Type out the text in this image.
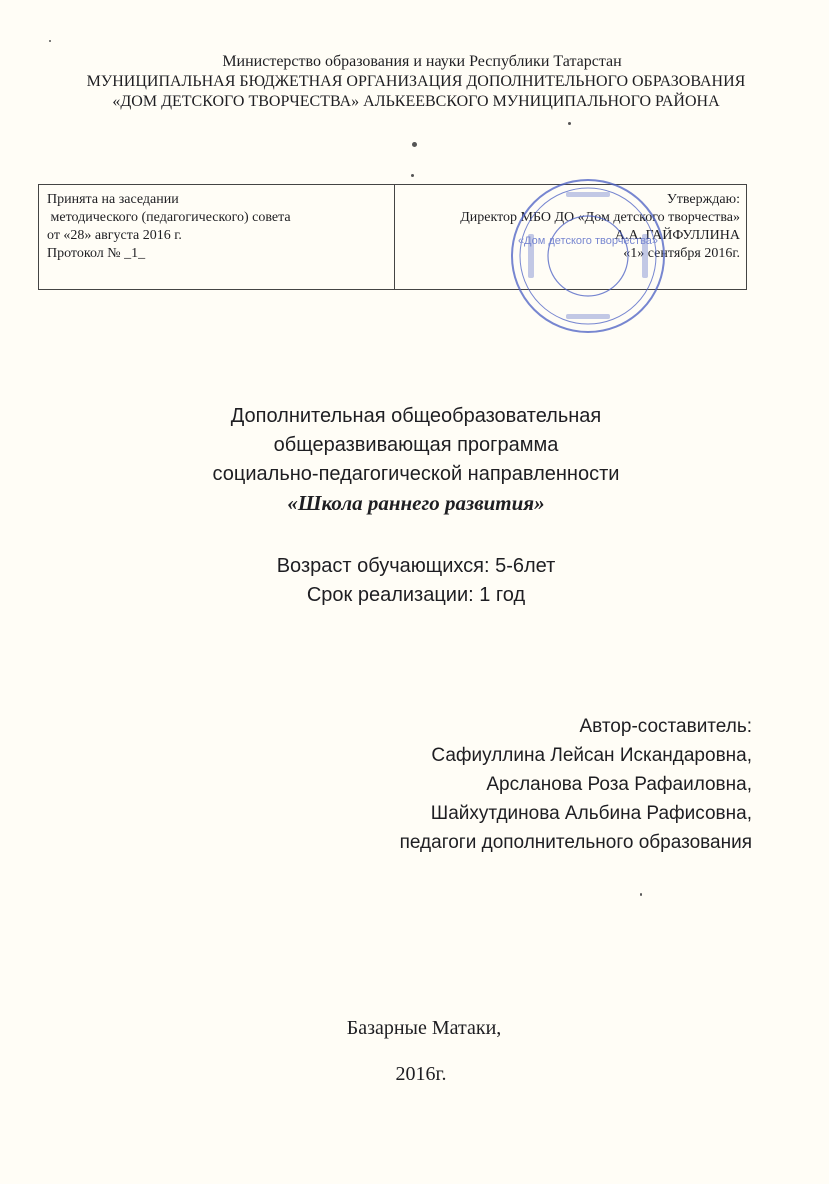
Министерство образования и науки Республики Татарстан
МУНИЦИПАЛЬНАЯ БЮДЖЕТНАЯ ОРГАНИЗАЦИЯ ДОПОЛНИТЕЛЬНОГО ОБРАЗОВАНИЯ
«ДОМ ДЕТСКОГО ТВОРЧЕСТВА» АЛЬКЕЕВСКОГО МУНИЦИПАЛЬНОГО РАЙОНА
Принята на заседании
методического (педагогического) совета
от «28» августа 2016 г.
Протокол № _1_
Утверждаю:
Директор МБО ДО «Дом детского творчества»
А.А. ГАЙФУЛЛИНА
«1» сентября 2016г.
«Дом детского творчества»
Дополнительная общеобразовательная
общеразвивающая программа
социально-педагогической направленности
«Школа раннего развития»
Возраст обучающихся: 5-6лет
Срок реализации: 1 год
Автор-составитель:
Сафиуллина Лейсан Искандаровна,
Арсланова Роза Рафаиловна,
Шайхутдинова Альбина Рафисовна,
педагоги дополнительного образования
Базарные Матаки,
2016г.
